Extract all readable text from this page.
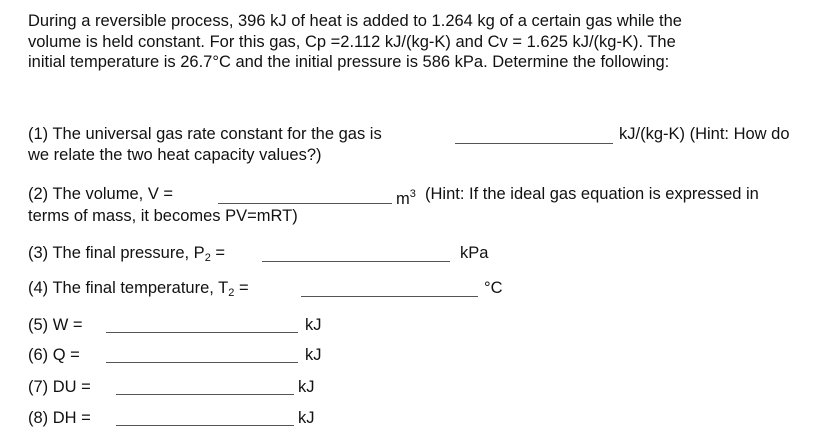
During a reversible process, 396 kJ of heat is added to 1.264 kg of a certain gas while the
volume is held constant. For this gas, Cp =2.112 kJ/(kg-K) and Cv = 1.625 kJ/(kg-K). The
initial temperature is 26.7°C and the initial pressure is 586 kPa. Determine the following:
(1) The universal gas rate constant for the gas is	kJ/(kg-K) (Hint: How do
we relate the two heat capacity values?)
(2) The volume, V =	$m^3$ (Hint: If the ideal gas equation is expressed in
terms of mass, it becomes PV=mRT)
(3) The final pressure, $P_2$ =	kPa
(4) The final temperature, $T_2$ =	°C
(5) W =	kJ
(6) Q =	kJ
(7) DU =	kJ
(8) DH =	kJ
